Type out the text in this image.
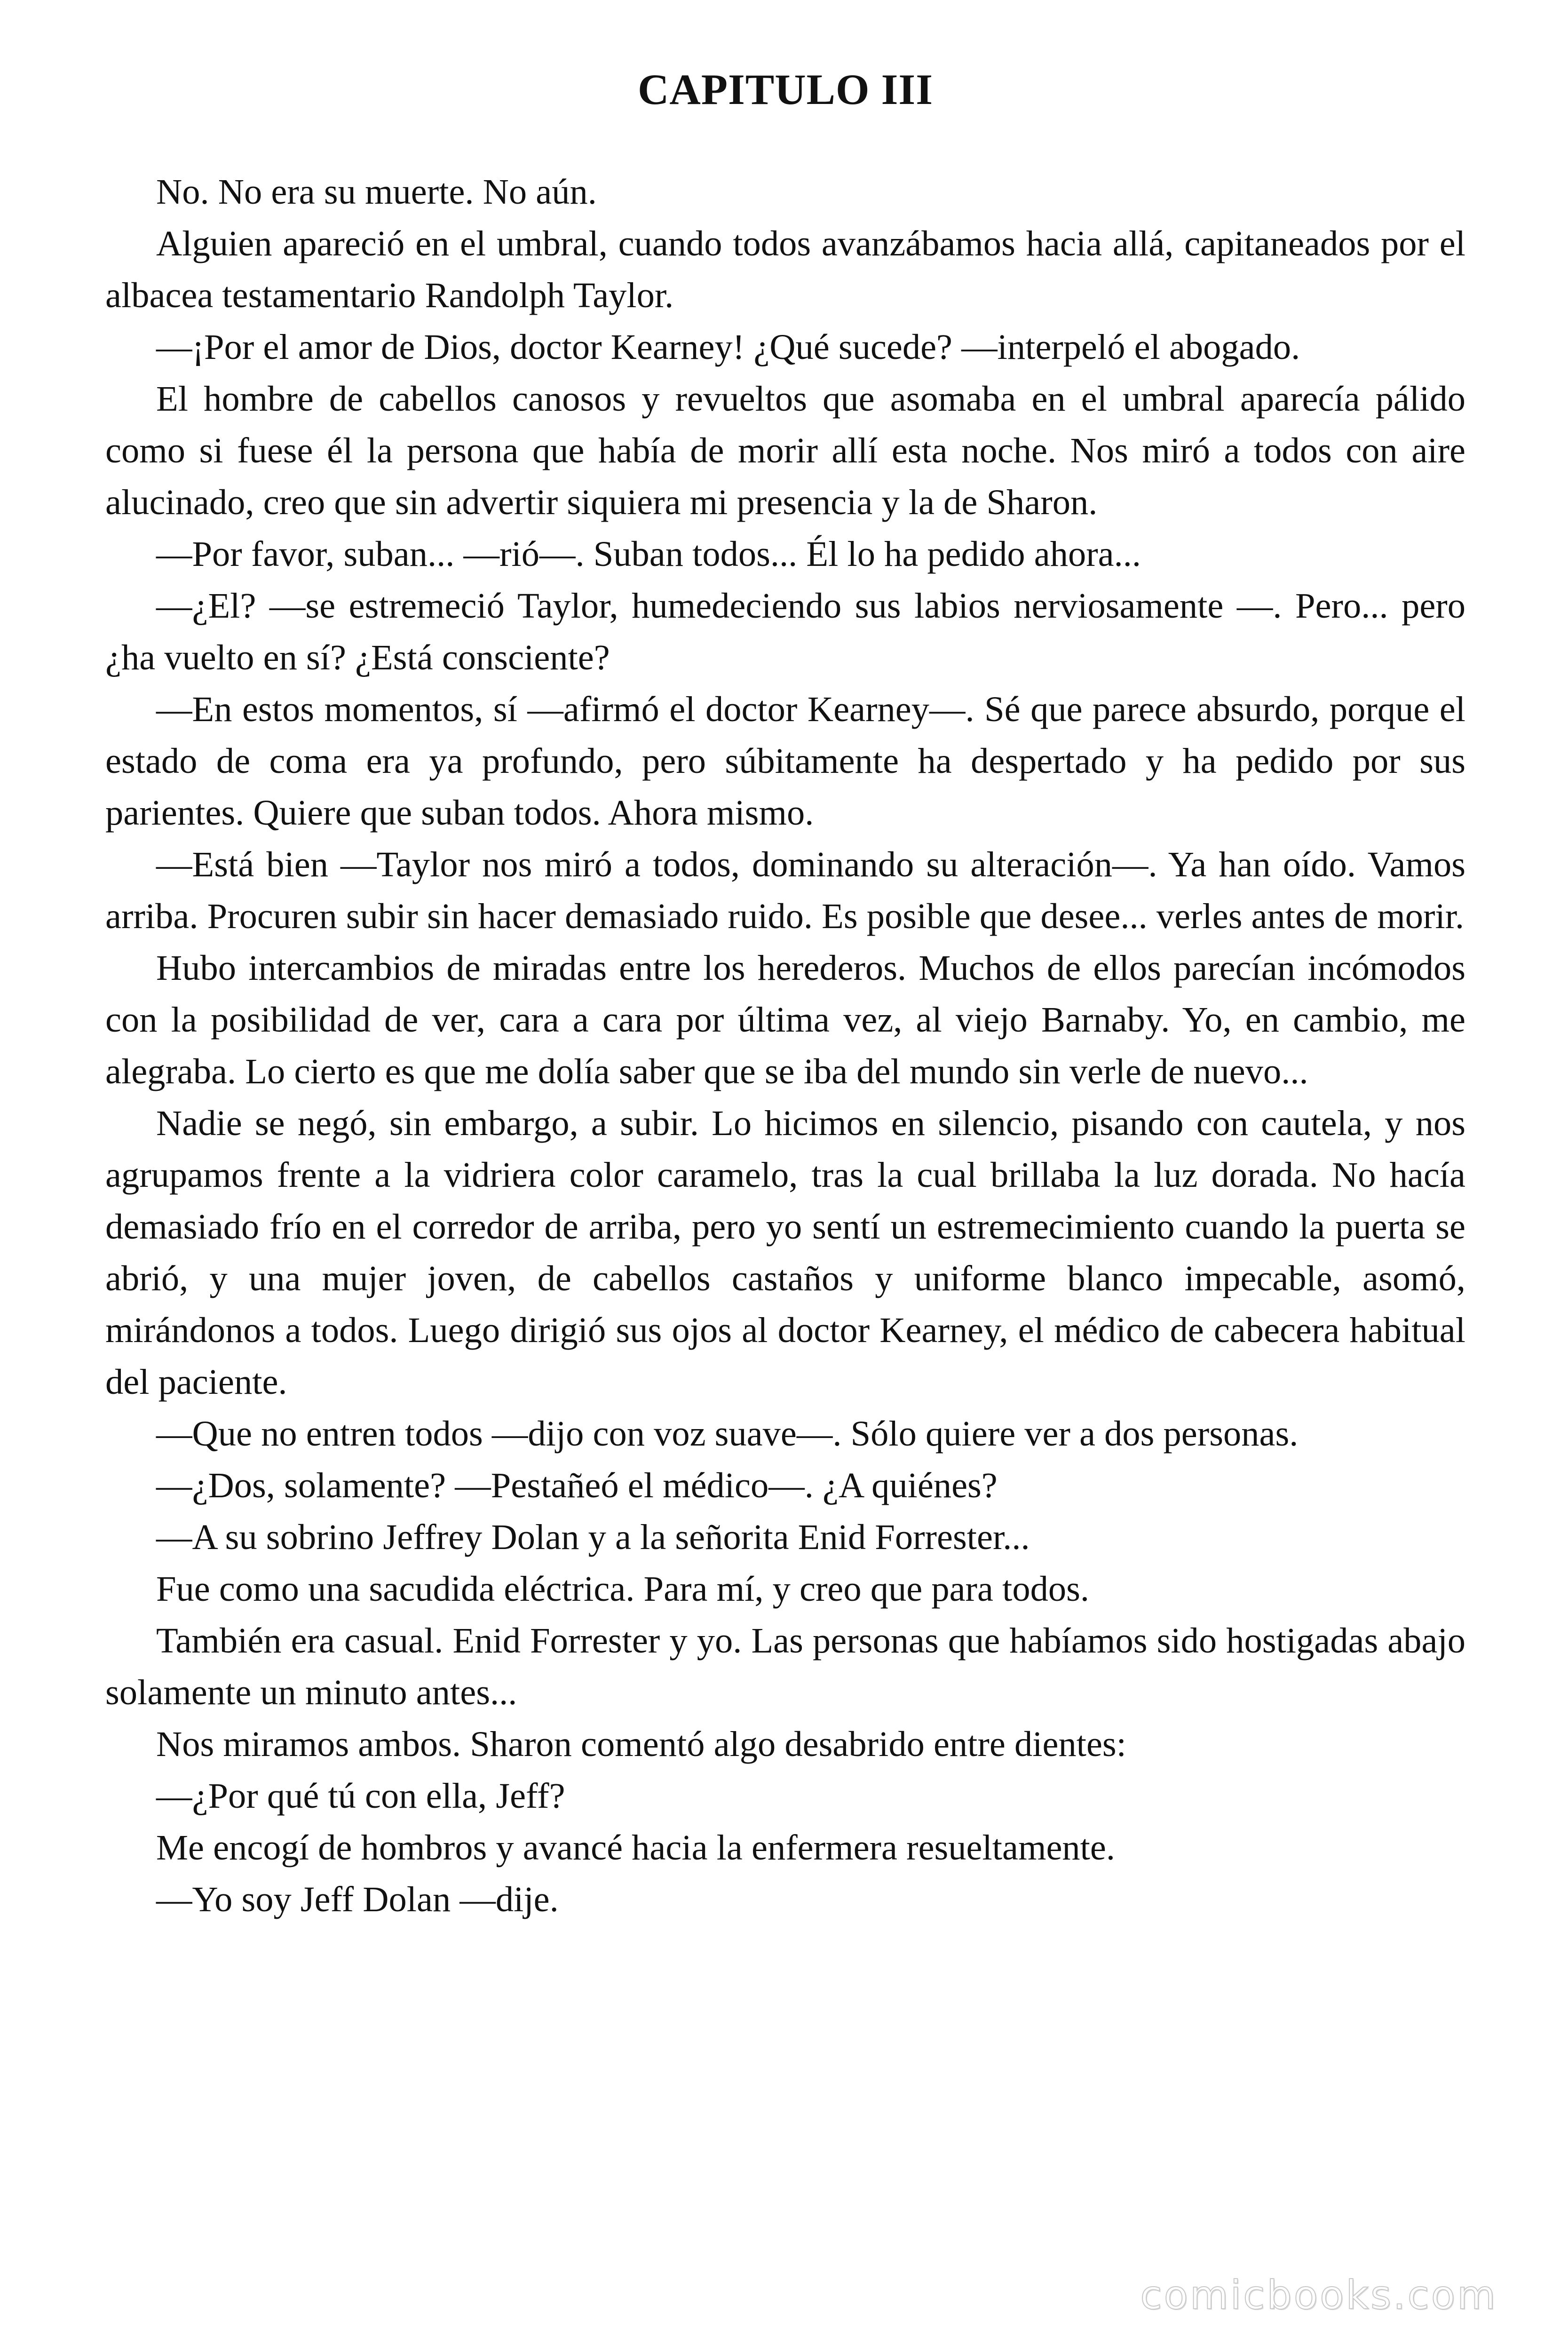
CAPITULO III

No. No era su muerte. No aún.

Alguien apareció en el umbral, cuando todos avanzábamos hacia allá, capitaneados por el albacea testamentario Randolph Taylor.

—¡Por el amor de Dios, doctor Kearney! ¿Qué sucede? —interpeló el abogado.

El hombre de cabellos canosos y revueltos que asomaba en el umbral aparecía pálido como si fuese él la persona que había de morir allí esta noche. Nos miró a todos con aire alucinado, creo que sin advertir siquiera mi presencia y la de Sharon.

—Por favor, suban... —rió—. Suban todos... Él lo ha pedido ahora...

—¿El? —se estremeció Taylor, humedeciendo sus labios nerviosamente —. Pero... pero ¿ha vuelto en sí? ¿Está consciente?

—En estos momentos, sí —afirmó el doctor Kearney—. Sé que parece absurdo, porque el estado de coma era ya profundo, pero súbitamente ha despertado y ha pedido por sus parientes. Quiere que suban todos. Ahora mismo.

—Está bien —Taylor nos miró a todos, dominando su alteración—. Ya han oído. Vamos arriba. Procuren subir sin hacer demasiado ruido. Es posible que desee... verles antes de morir.

Hubo intercambios de miradas entre los herederos. Muchos de ellos parecían incómodos con la posibilidad de ver, cara a cara por última vez, al viejo Barnaby. Yo, en cambio, me alegraba. Lo cierto es que me dolía saber que se iba del mundo sin verle de nuevo...

Nadie se negó, sin embargo, a subir. Lo hicimos en silencio, pisando con cautela, y nos agrupamos frente a la vidriera color caramelo, tras la cual brillaba la luz dorada. No hacía demasiado frío en el corredor de arriba, pero yo sentí un estremecimiento cuando la puerta se abrió, y una mujer joven, de cabellos castaños y uniforme blanco impecable, asomó, mirándonos a todos. Luego dirigió sus ojos al doctor Kearney, el médico de cabecera habitual del paciente.

—Que no entren todos —dijo con voz suave—. Sólo quiere ver a dos personas.

—¿Dos, solamente? —Pestañeó el médico—. ¿A quiénes?

—A su sobrino Jeffrey Dolan y a la señorita Enid Forrester...

Fue como una sacudida eléctrica. Para mí, y creo que para todos.

También era casual. Enid Forrester y yo. Las personas que habíamos sido hostigadas abajo solamente un minuto antes...

Nos miramos ambos. Sharon comentó algo desabrido entre dientes:

—¿Por qué tú con ella, Jeff?

Me encogí de hombros y avancé hacia la enfermera resueltamente.

—Yo soy Jeff Dolan —dije.

comicbooks.com
